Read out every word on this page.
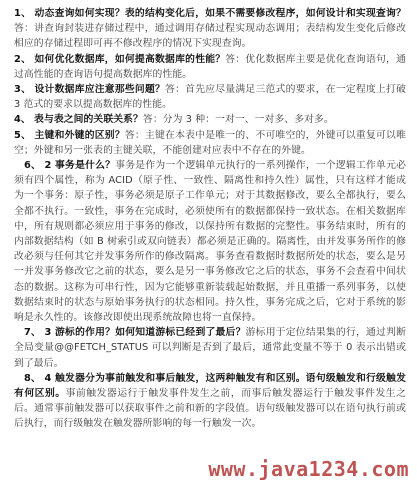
1、 动态查询如何实现？表的结构变化后，如果不需要修改程序，如何设计和实现查询？答：讲查询封装进存储过程中，通过调用存储过程实现动态调用；表结构发生变化后修改相应的存储过程即可再不修改程序的情况下实现查询。

2、 如何优化数据库，如何提高数据库的性能？答：优化数据库主要是优化查询语句，通过高性能的查询语句提高数据库的性能。

3、 设计数据库应注意那些问题？答：首先应尽量满足三范式的要求，在一定程度上打破 3 范式的要求以提高数据库的性能。

4、 表与表之间的关联关系？答：分为 3 种：一对一、一对多、多对多。

5、 主键和外键的区别？答：主键在本表中是唯一的、不可唯空的，外键可以重复可以唯空；外键和另一张表的主键关联，不能创建对应表中不存在的外键。

6、 2 事务是什么？事务是作为一个逻辑单元执行的一系列操作，一个逻辑工作单元必须有四个属性，称为 ACID（原子性、一致性、隔离性和持久性）属性，只有这样才能成为一个事务：原子性，事务必须是原子工作单元；对于其数据修改，要么全都执行，要么全都不执行。一致性，事务在完成时，必须使所有的数据都保持一致状态。在相关数据库中，所有规则都必须应用于事务的修改，以保持所有数据的完整性。事务结束时，所有的内部数据结构（如 B 树索引或双向链表）都必须是正确的。隔离性，由并发事务所作的修改必须与任何其它并发事务所作的修改隔离。事务查看数据时数据所处的状态，要么是另一并发事务修改它之前的状态，要么是另一事务修改它之后的状态，事务不会查看中间状态的数据。这称为可串行性，因为它能够重新装载起始数据，并且重播一系列事务，以使数据结束时的状态与原始事务执行的状态相同。持久性，事务完成之后，它对于系统的影响是永久性的。该修改即使出现系统故障也将一直保持。

7、 3 游标的作用？如何知道游标已经到了最后？游标用于定位结果集的行，通过判断全局变量@@FETCH_STATUS 可以判断是否到了最后，通常此变量不等于 0 表示出错或到了最后。

8、 4 触发器分为事前触发和事后触发，这两种触发有和区别。语句级触发和行级触发有何区别。事前触发器运行于触发事件发生之前，而事后触发器运行于触发事件发生之后。通常事前触发器可以获取事件之前和新的字段值。语句级触发器可以在语句执行前或后执行，而行级触发在触发器所影响的每一行触发一次。

www.java1234.com
